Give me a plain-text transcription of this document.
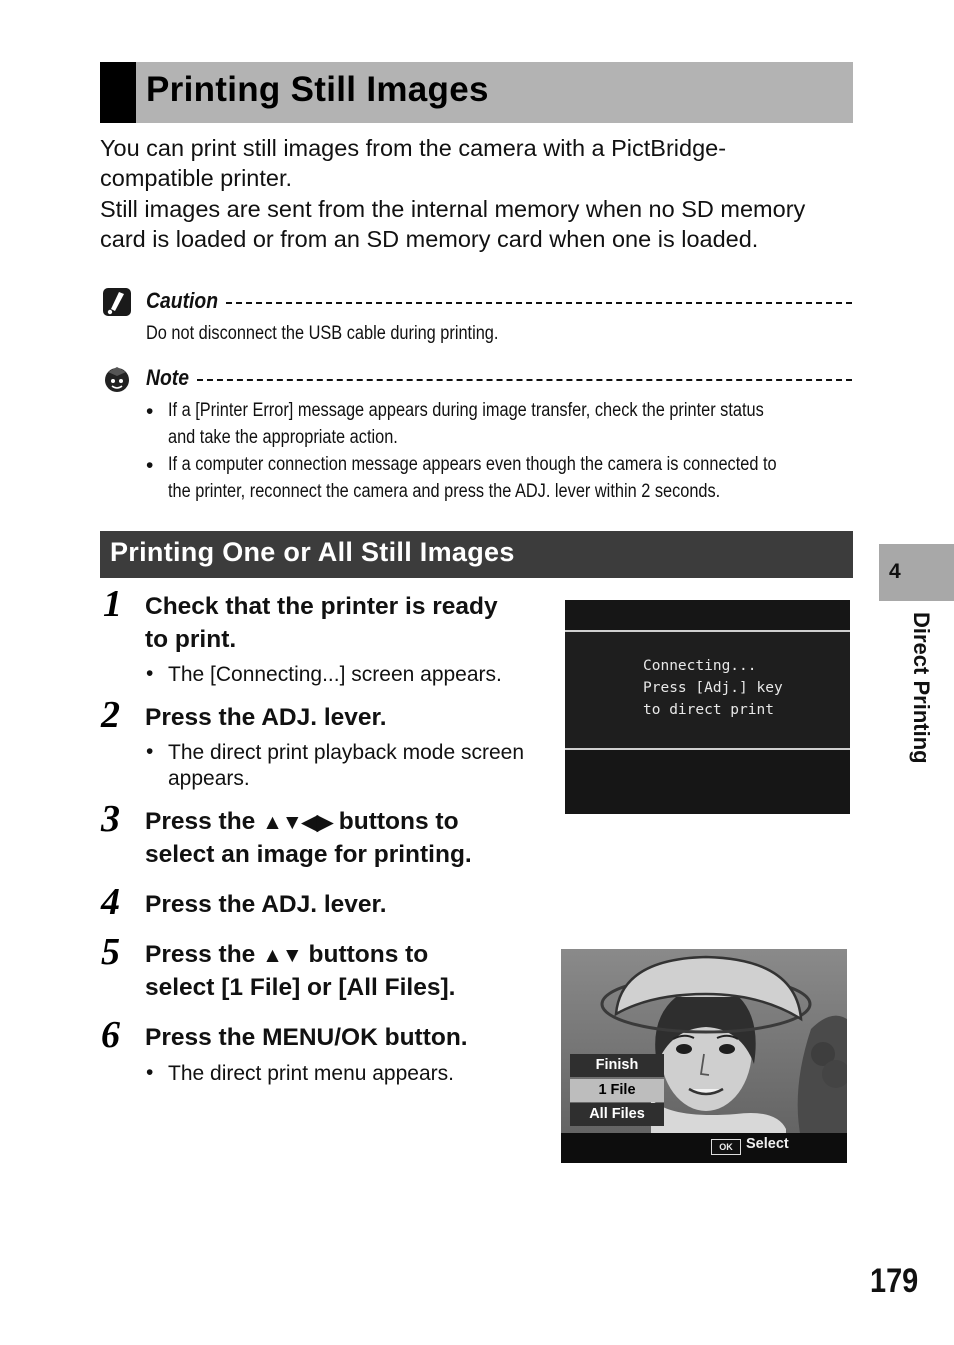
Printing Still Images
You can print still images from the camera with a PictBridge-
compatible printer.
Still images are sent from the internal memory when no SD memory
card is loaded or from an SD memory card when one is loaded.
Caution
Do not disconnect the USB cable during printing.
Note
• If a [Printer Error] message appears during image transfer, check the printer status
and take the appropriate action.
• If a computer connection message appears even though the camera is connected to
the printer, reconnect the camera and press the ADJ. lever within 2 seconds.
Printing One or All Still Images
1 Check that the printer is ready
to print.
• The [Connecting...] screen appears.
2 Press the ADJ. lever.
• The direct print playback mode screen
appears.
3 Press the ▲▼◀▶ buttons to
select an image for printing.
4 Press the ADJ. lever.
5 Press the ▲▼ buttons to
select [1 File] or [All Files].
6 Press the MENU/OK button.
• The direct print menu appears.
Connecting...
Press [Adj.] key
to direct print
Finish
1 File
All Files
OK Select
4
Direct Printing
179
